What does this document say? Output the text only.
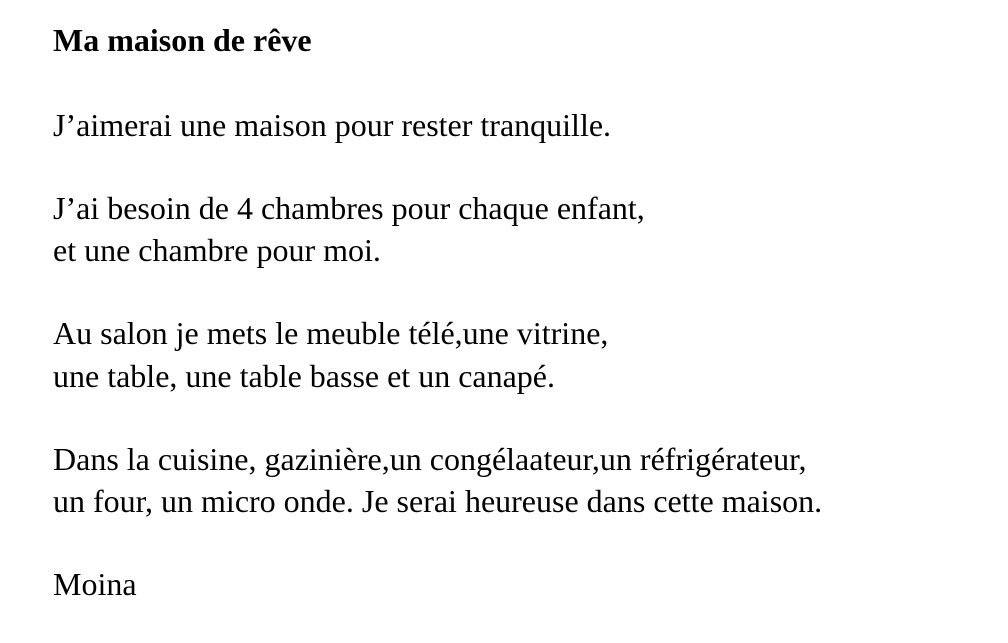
Ma maison de rêve

J’aimerai une maison pour rester tranquille.

J’ai besoin de 4 chambres pour chaque enfant,

et une chambre pour moi.

Au salon je mets le meuble télé,une vitrine,

une table, une table basse et un canapé.

Dans la cuisine, gazinière,un congélaateur,un réfrigérateur,

un four, un micro onde. Je serai heureuse dans cette maison.

Moina
